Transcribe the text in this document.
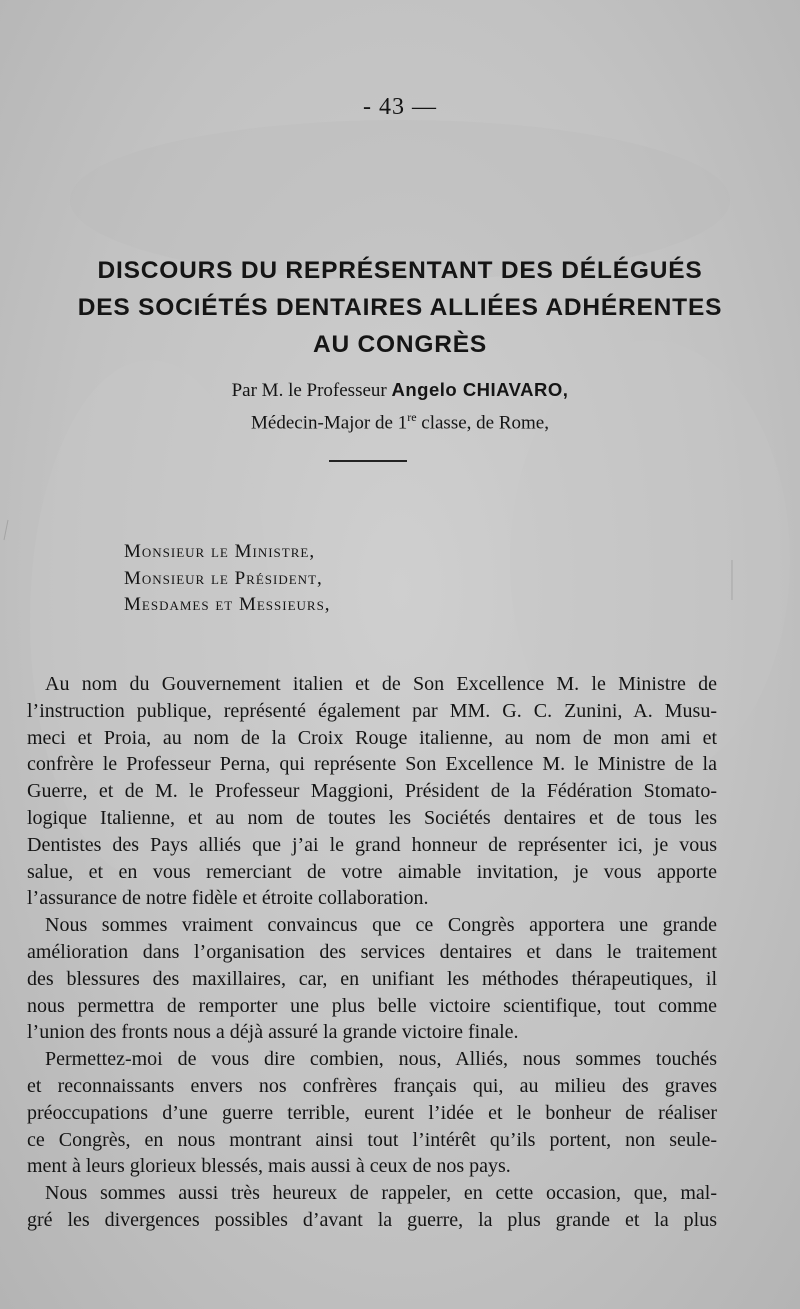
- 43 —
DISCOURS DU REPRÉSENTANT DES DÉLÉGUÉS
DES SOCIÉTÉS DENTAIRES ALLIÉES ADHÉRENTES
AU CONGRÈS
Par M. le Professeur Angelo CHIAVARO,
Médecin-Major de 1re classe, de Rome,
Monsieur le Ministre,
Monsieur le Président,
Mesdames et Messieurs,

Au nom du Gouvernement italien et de Son Excellence M. le Ministre de
l’instruction publique, représenté également par MM. G. C. Zunini, A. Musu-
meci et Proia, au nom de la Croix Rouge italienne, au nom de mon ami et
confrère le Professeur Perna, qui représente Son Excellence M. le Ministre de la
Guerre, et de M. le Professeur Maggioni, Président de la Fédération Stomato-
logique Italienne, et au nom de toutes les Sociétés dentaires et de tous les
Dentistes des Pays alliés que j’ai le grand honneur de représenter ici, je vous
salue, et en vous remerciant de votre aimable invitation, je vous apporte
l’assurance de notre fidèle et étroite collaboration.

Nous sommes vraiment convaincus que ce Congrès apportera une grande
amélioration dans l’organisation des services dentaires et dans le traitement
des blessures des maxillaires, car, en unifiant les méthodes thérapeutiques, il
nous permettra de remporter une plus belle victoire scientifique, tout comme
l’union des fronts nous a déjà assuré la grande victoire finale.

Permettez-moi de vous dire combien, nous, Alliés, nous sommes touchés
et reconnaissants envers nos confrères français qui, au milieu des graves
préoccupations d’une guerre terrible, eurent l’idée et le bonheur de réaliser
ce Congrès, en nous montrant ainsi tout l’intérêt qu’ils portent, non seule-
ment à leurs glorieux blessés, mais aussi à ceux de nos pays.

Nous sommes aussi très heureux de rappeler, en cette occasion, que, mal-
gré les divergences possibles d’avant la guerre, la plus grande et la plus
